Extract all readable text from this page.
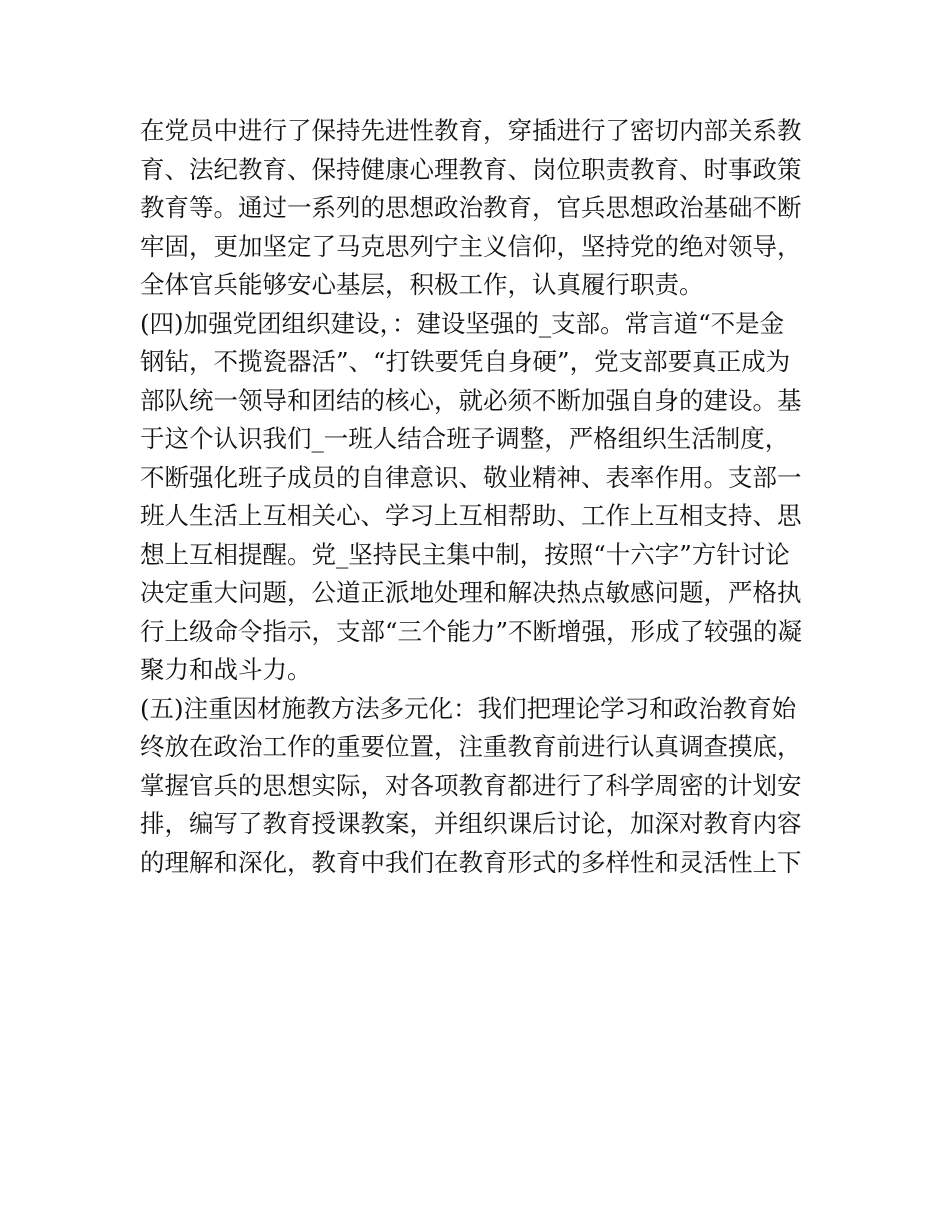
在党员中进行了保持先进性教育，穿插进行了密切内部关系教

育、法纪教育、保持健康心理教育、岗位职责教育、时事政策

教育等。通过一系列的思想政治教育，官兵思想政治基础不断

牢固，更加坚定了马克思列宁主义信仰，坚持党的绝对领导，

全体官兵能够安心基层，积极工作，认真履行职责。

(四)加强党团组织建设，：建设坚强的_支部。常言道“不是金

钢钻，不揽瓷器活”、“打铁要凭自身硬”，党支部要真正成为

部队统一领导和团结的核心，就必须不断加强自身的建设。基

于这个认识我们_一班人结合班子调整，严格组织生活制度，

不断强化班子成员的自律意识、敬业精神、表率作用。支部一

班人生活上互相关心、学习上互相帮助、工作上互相支持、思

想上互相提醒。党_坚持民主集中制，按照“十六字”方针讨论

决定重大问题，公道正派地处理和解决热点敏感问题，严格执

行上级命令指示，支部“三个能力”不断增强，形成了较强的凝

聚力和战斗力。

(五)注重因材施教方法多元化：我们把理论学习和政治教育始

终放在政治工作的重要位置，注重教育前进行认真调查摸底，

掌握官兵的思想实际，对各项教育都进行了科学周密的计划安

排，编写了教育授课教案，并组织课后讨论，加深对教育内容

的理解和深化，教育中我们在教育形式的多样性和灵活性上下
